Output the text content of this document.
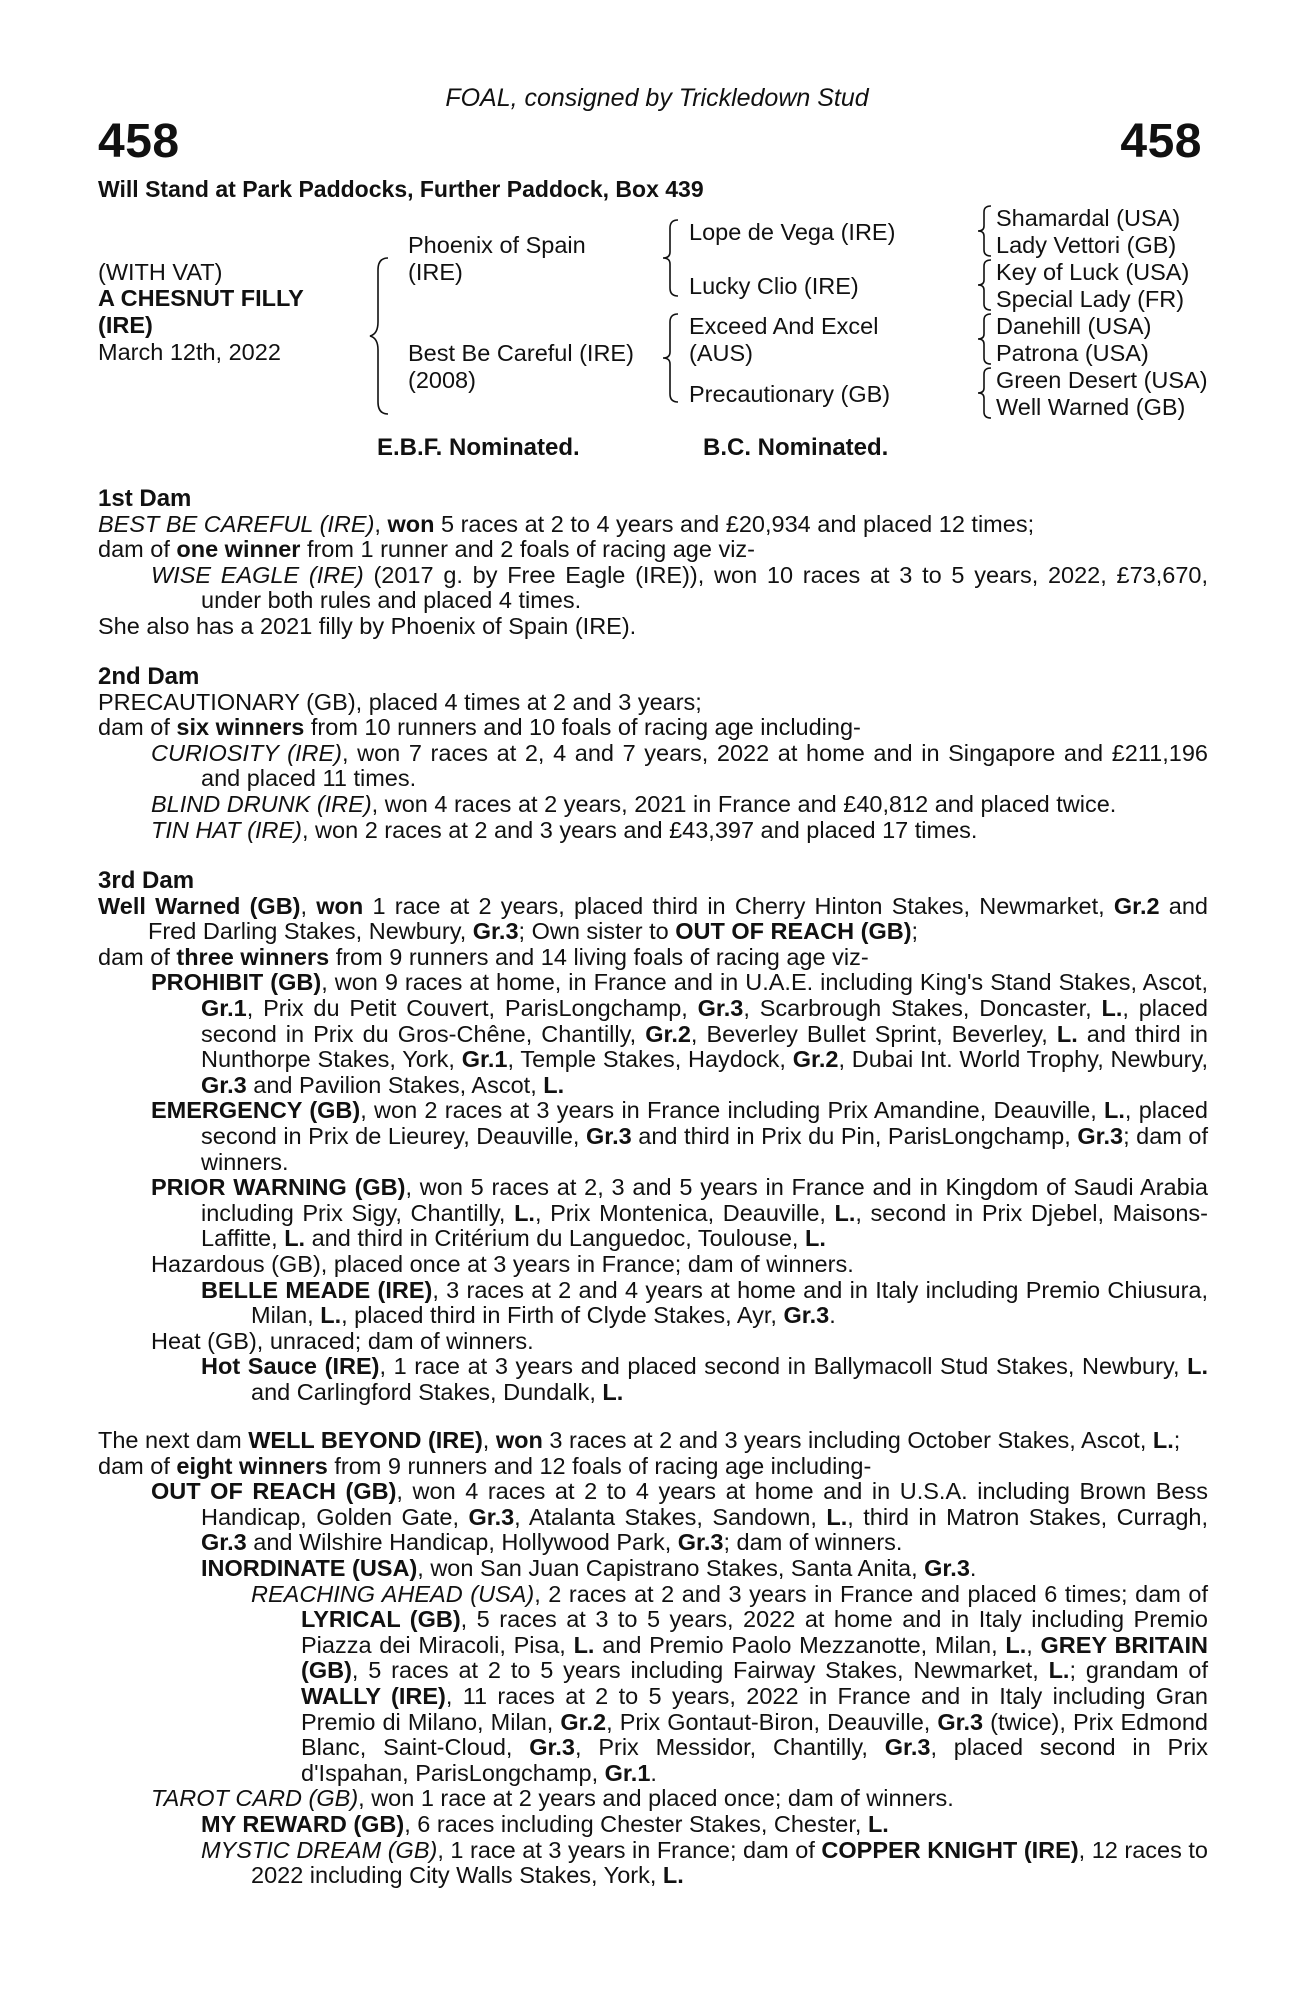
FOAL, consigned by Trickledown Stud
458	458
Will Stand at Park Paddocks, Further Paddock, Box 439
(WITH VAT)
A CHESNUT FILLY
(IRE)
March 12th, 2022
Phoenix of Spain
(IRE)
Best Be Careful (IRE)
(2008)
Lope de Vega (IRE)
Lucky Clio (IRE)
Exceed And Excel
(AUS)
Precautionary (GB)
Shamardal (USA)
Lady Vettori (GB)
Key of Luck (USA)
Special Lady (FR)
Danehill (USA)
Patrona (USA)
Green Desert (USA)
Well Warned (GB)
E.B.F. Nominated.	B.C. Nominated.

1st Dam

BEST BE CAREFUL (IRE), won 5 races at 2 to 4 years and £20,934 and placed 12 times;

dam of one winner from 1 runner and 2 foals of racing age viz-

WISE EAGLE (IRE) (2017 g. by Free Eagle (IRE)), won 10 races at 3 to 5 years, 2022, £73,670, under both rules and placed 4 times.

She also has a 2021 filly by Phoenix of Spain (IRE).

2nd Dam

PRECAUTIONARY (GB), placed 4 times at 2 and 3 years;

dam of six winners from 10 runners and 10 foals of racing age including-

CURIOSITY (IRE), won 7 races at 2, 4 and 7 years, 2022 at home and in Singapore and £211,196 and placed 11 times.

BLIND DRUNK (IRE), won 4 races at 2 years, 2021 in France and £40,812 and placed twice.

TIN HAT (IRE), won 2 races at 2 and 3 years and £43,397 and placed 17 times.

3rd Dam

Well Warned (GB), won 1 race at 2 years, placed third in Cherry Hinton Stakes, Newmarket, Gr.2 and Fred Darling Stakes, Newbury, Gr.3; Own sister to OUT OF REACH (GB);

dam of three winners from 9 runners and 14 living foals of racing age viz-

PROHIBIT (GB), won 9 races at home, in France and in U.A.E. including King's Stand Stakes, Ascot, Gr.1, Prix du Petit Couvert, ParisLongchamp, Gr.3, Scarbrough Stakes, Doncaster, L., placed second in Prix du Gros-Chêne, Chantilly, Gr.2, Beverley Bullet Sprint, Beverley, L. and third in Nunthorpe Stakes, York, Gr.1, Temple Stakes, Haydock, Gr.2, Dubai Int. World Trophy, Newbury, Gr.3 and Pavilion Stakes, Ascot, L.

EMERGENCY (GB), won 2 races at 3 years in France including Prix Amandine, Deauville, L., placed second in Prix de Lieurey, Deauville, Gr.3 and third in Prix du Pin, ParisLongchamp, Gr.3; dam of winners.

PRIOR WARNING (GB), won 5 races at 2, 3 and 5 years in France and in Kingdom of Saudi Arabia including Prix Sigy, Chantilly, L., Prix Montenica, Deauville, L., second in Prix Djebel, Maisons-Laffitte, L. and third in Critérium du Languedoc, Toulouse, L.

Hazardous (GB), placed once at 3 years in France; dam of winners.

BELLE MEADE (IRE), 3 races at 2 and 4 years at home and in Italy including Premio Chiusura, Milan, L., placed third in Firth of Clyde Stakes, Ayr, Gr.3.

Heat (GB), unraced; dam of winners.

Hot Sauce (IRE), 1 race at 3 years and placed second in Ballymacoll Stud Stakes, Newbury, L. and Carlingford Stakes, Dundalk, L.

The next dam WELL BEYOND (IRE), won 3 races at 2 and 3 years including October Stakes, Ascot, L.;

dam of eight winners from 9 runners and 12 foals of racing age including-

OUT OF REACH (GB), won 4 races at 2 to 4 years at home and in U.S.A. including Brown Bess Handicap, Golden Gate, Gr.3, Atalanta Stakes, Sandown, L., third in Matron Stakes, Curragh, Gr.3 and Wilshire Handicap, Hollywood Park, Gr.3; dam of winners.

INORDINATE (USA), won San Juan Capistrano Stakes, Santa Anita, Gr.3.

REACHING AHEAD (USA), 2 races at 2 and 3 years in France and placed 6 times; dam of LYRICAL (GB), 5 races at 3 to 5 years, 2022 at home and in Italy including Premio Piazza dei Miracoli, Pisa, L. and Premio Paolo Mezzanotte, Milan, L., GREY BRITAIN (GB), 5 races at 2 to 5 years including Fairway Stakes, Newmarket, L.; grandam of WALLY (IRE), 11 races at 2 to 5 years, 2022 in France and in Italy including Gran Premio di Milano, Milan, Gr.2, Prix Gontaut-Biron, Deauville, Gr.3 (twice), Prix Edmond Blanc, Saint-Cloud, Gr.3, Prix Messidor, Chantilly, Gr.3, placed second in Prix d'Ispahan, ParisLongchamp, Gr.1.

TAROT CARD (GB), won 1 race at 2 years and placed once; dam of winners.

MY REWARD (GB), 6 races including Chester Stakes, Chester, L.

MYSTIC DREAM (GB), 1 race at 3 years in France; dam of COPPER KNIGHT (IRE), 12 races to 2022 including City Walls Stakes, York, L.
